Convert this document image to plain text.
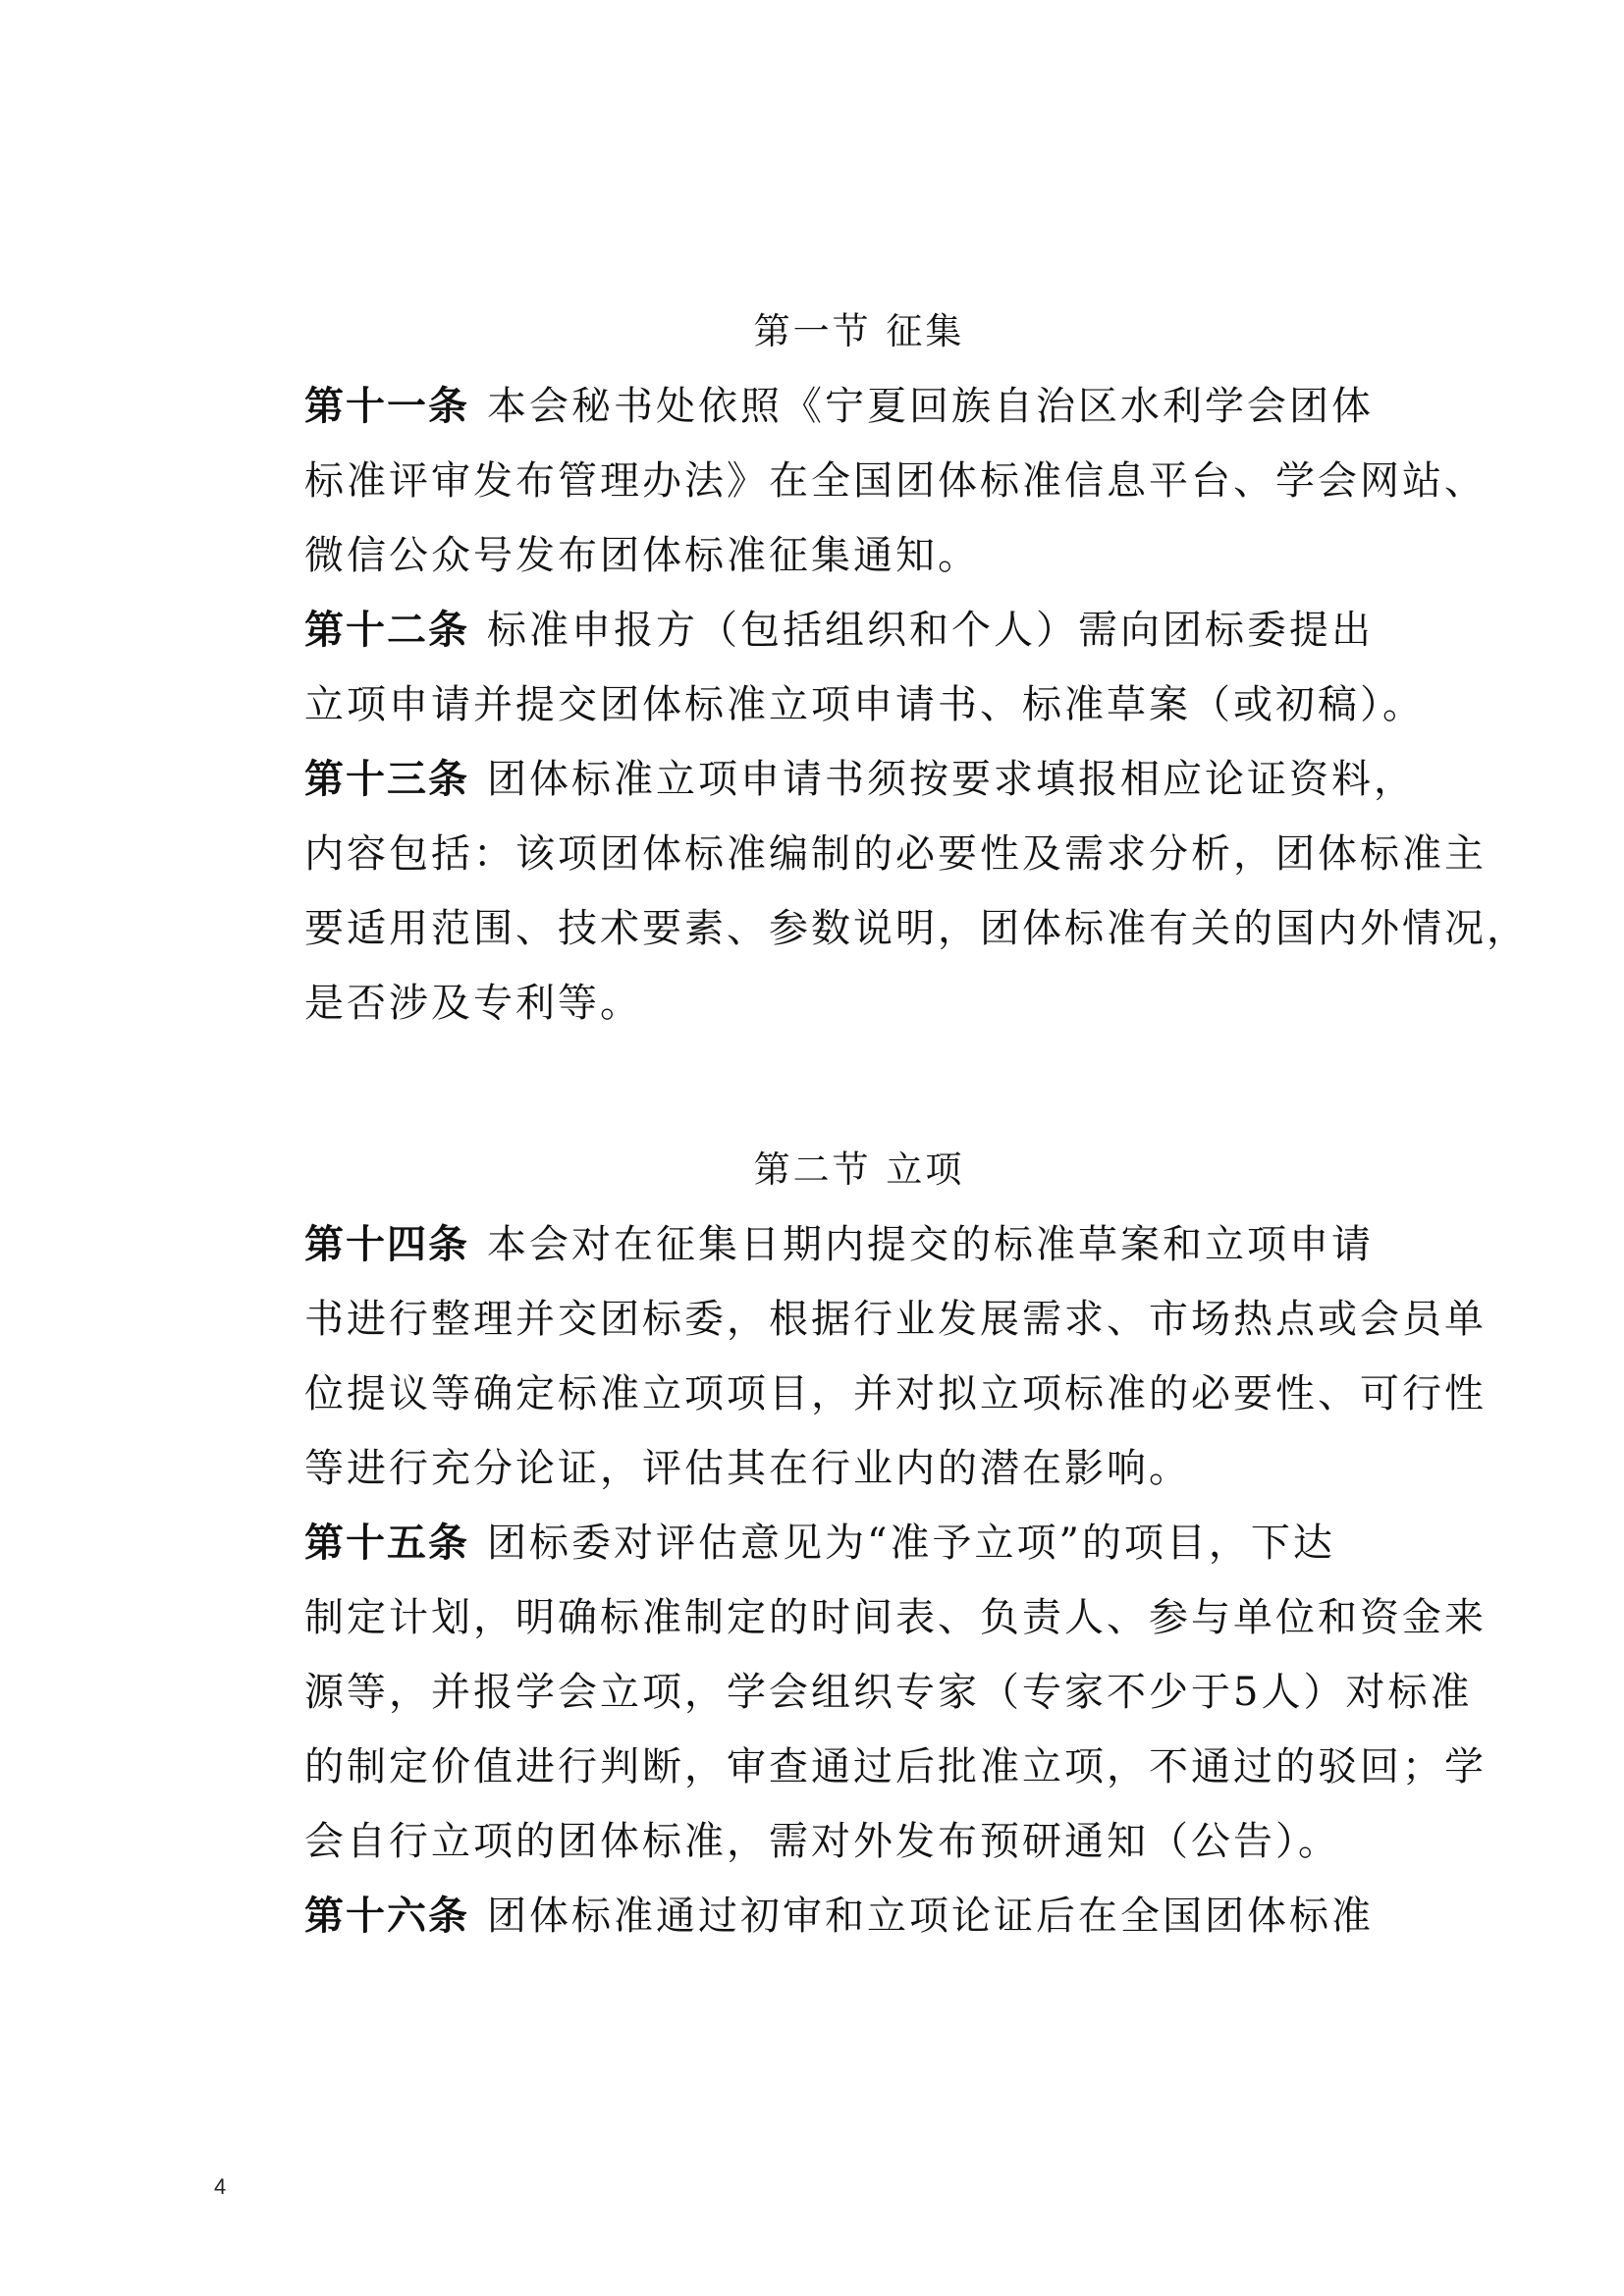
第一节 征集
第十一条 本会秘书处依照《宁夏回族自治区水利学会团体
标准评审发布管理办法》在全国团体标准信息平台、学会网站、
微信公众号发布团体标准征集通知。
第十二条 标准申报方（包括组织和个人）需向团标委提出
立项申请并提交团体标准立项申请书、标准草案（或初稿）。
第十三条 团体标准立项申请书须按要求填报相应论证资料，
内容包括：该项团体标准编制的必要性及需求分析，团体标准主
要适用范围、技术要素、参数说明，团体标准有关的国内外情况，
是否涉及专利等。
第二节 立项
第十四条 本会对在征集日期内提交的标准草案和立项申请
书进行整理并交团标委，根据行业发展需求、市场热点或会员单
位提议等确定标准立项项目，并对拟立项标准的必要性、可行性
等进行充分论证，评估其在行业内的潜在影响。
第十五条 团标委对评估意见为“准予立项”的项目，下达
制定计划，明确标准制定的时间表、负责人、参与单位和资金来
源等，并报学会立项，学会组织专家（专家不少于5人）对标准
的制定价值进行判断，审查通过后批准立项，不通过的驳回；学
会自行立项的团体标准，需对外发布预研通知（公告）。
第十六条 团体标准通过初审和立项论证后在全国团体标准
4
